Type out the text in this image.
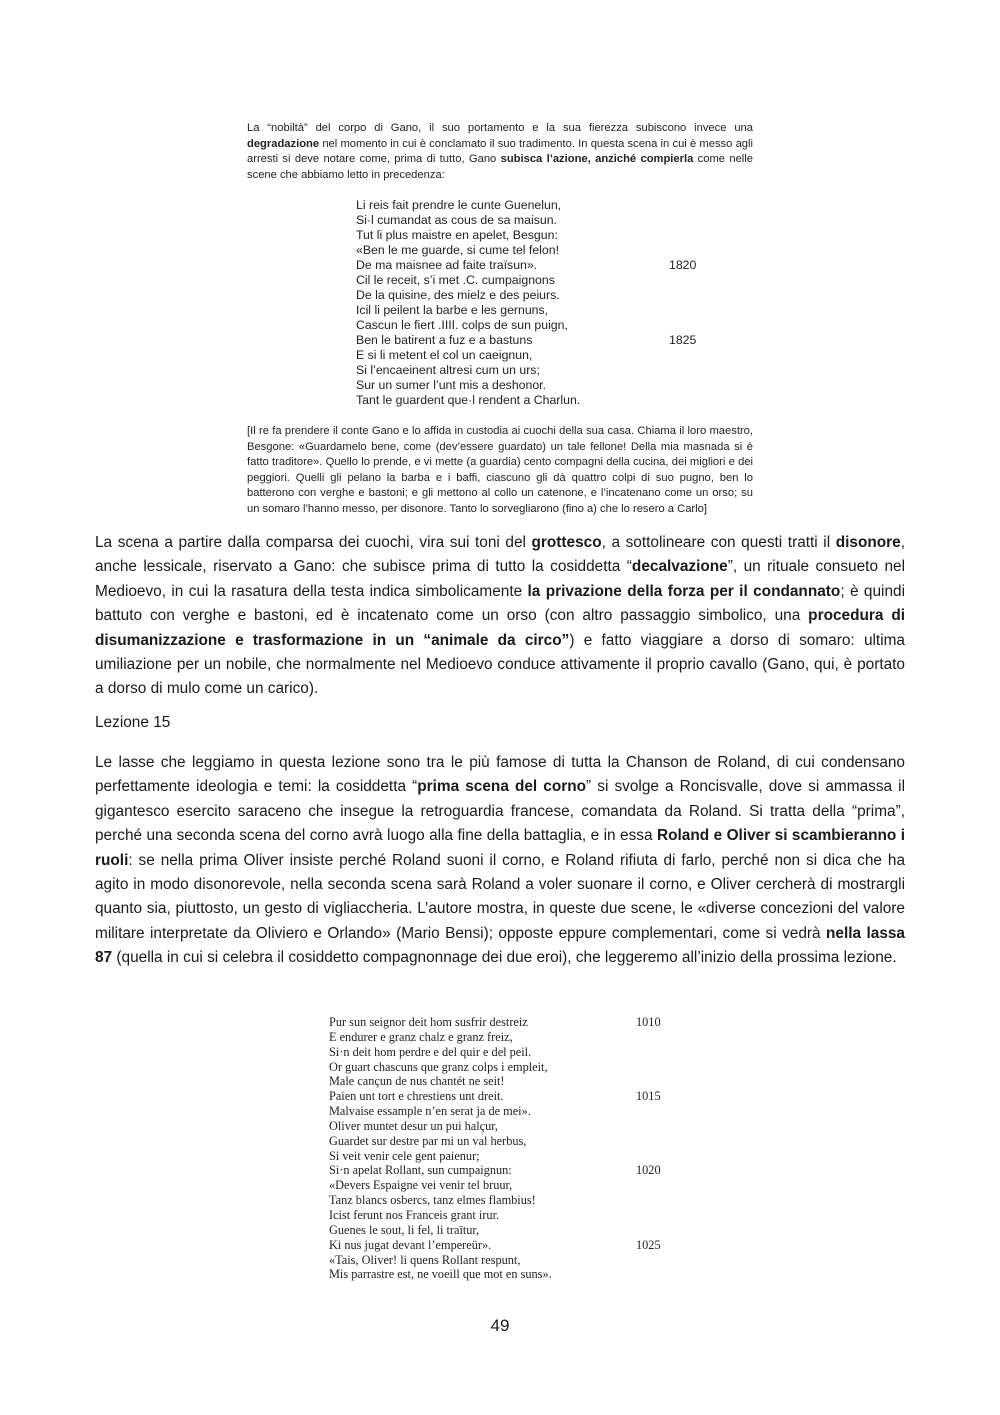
La “nobiltà” del corpo di Gano, il suo portamento e la sua fierezza subiscono invece una degradazione nel momento in cui è conclamato il suo tradimento. In questa scena in cui è messo agli arresti si deve notare come, prima di tutto, Gano subisca l’azione, anziché compierla come nelle scene che abbiamo letto in precedenza:
Li reis fait prendre le cunte Guenelun,
Si·l cumandat as cous de sa maisun.
Tut li plus maistre en apelet, Besgun:
«Ben le me guarde, si cume tel felon!
De ma maisnee ad faite traïsun».	1820
Cil le receit, s’i met .C. cumpaignons
De la quisine, des mielz e des peiurs.
Icil li peilent la barbe e les gernuns,
Cascun le fiert .IIII. colps de sun puign,
Ben le batirent a fuz e a bastuns	1825
E si li metent el col un caeignun,
Si l’encaeinent altresi cum un urs;
Sur un sumer l’unt mis a deshonor.
Tant le guardent que·l rendent a Charlun.
[Il re fa prendere il conte Gano e lo affida in custodia ai cuochi della sua casa. Chiama il loro maestro, Besgone: «Guardamelo bene, come (dev’essere guardato) un tale fellone! Della mia masnada si è fatto traditore». Quello lo prende, e vi mette (a guardia) cento compagni della cucina, dei migliori e dei peggiori. Quelli gli pelano la barba e i baffi, ciascuno gli dà quattro colpi di suo pugno, ben lo batterono con verghe e bastoni; e gli mettono al collo un catenone, e l’incatenano come un orso; su un somaro l’hanno messo, per disonore. Tanto lo sorvegliarono (fino a) che lo resero a Carlo]
La scena a partire dalla comparsa dei cuochi, vira sui toni del grottesco, a sottolineare con questi tratti il disonore, anche lessicale, riservato a Gano: che subisce prima di tutto la cosiddetta “decalvazione”, un rituale consueto nel Medioevo, in cui la rasatura della testa indica simbolicamente la privazione della forza per il condannato; è quindi battuto con verghe e bastoni, ed è incatenato come un orso (con altro passaggio simbolico, una procedura di disumanizzazione e trasformazione in un “animale da circo”) e fatto viaggiare a dorso di somaro: ultima umiliazione per un nobile, che normalmente nel Medioevo conduce attivamente il proprio cavallo (Gano, qui, è portato a dorso di mulo come un carico).
Lezione 15
Le lasse che leggiamo in questa lezione sono tra le più famose di tutta la Chanson de Roland, di cui condensano perfettamente ideologia e temi: la cosiddetta “prima scena del corno” si svolge a Roncisvalle, dove si ammassa il gigantesco esercito saraceno che insegue la retroguardia francese, comandata da Roland. Si tratta della “prima”, perché una seconda scena del corno avrà luogo alla fine della battaglia, e in essa Roland e Oliver si scambieranno i ruoli: se nella prima Oliver insiste perché Roland suoni il corno, e Roland rifiuta di farlo, perché non si dica che ha agito in modo disonorevole, nella seconda scena sarà Roland a voler suonare il corno, e Oliver cercherà di mostrargli quanto sia, piuttosto, un gesto di vigliaccheria. L’autore mostra, in queste due scene, le «diverse concezioni del valore militare interpretate da Oliviero e Orlando» (Mario Bensi); opposte eppure complementari, come si vedrà nella lassa 87 (quella in cui si celebra il cosiddetto compagnonnage dei due eroi), che leggeremo all’inizio della prossima lezione.
Pur sun seignor deit hom susfrir destreiz	1010
E endurer e granz chalz e granz freiz,
Si·n deit hom perdre e del quir e del peil.
Or guart chascuns que granz colps i empleit,
Male cançun de nus chantét ne seit!
Paien unt tort e chrestiens unt dreit.	1015
Malvaise essample n’en serat ja de mei».
Oliver muntet desur un pui halçur,
Guardet sur destre par mi un val herbus,
Si veit venir cele gent paienur;
Si·n apelat Rollant, sun cumpaignun:	1020
«Devers Espaigne vei venir tel bruur,
Tanz blancs osbercs, tanz elmes flambius!
Icist ferunt nos Franceis grant irur.
Guenes le sout, li fel, li traïtur,
Ki nus jugat devant l’empereür».	1025
«Tais, Oliver! li quens Rollant respunt,
Mis parrastre est, ne voeill que mot en suns».
49
